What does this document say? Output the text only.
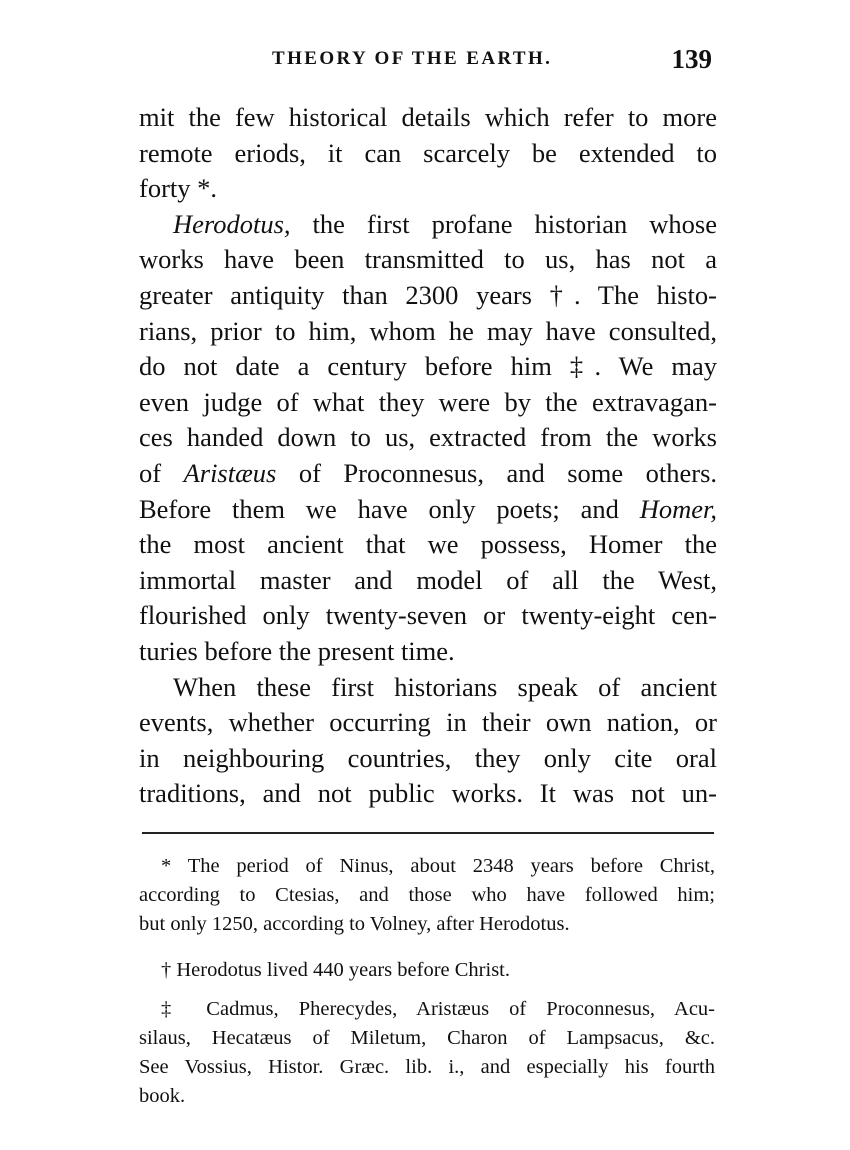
THEORY OF THE EARTH.	139
mit the few historical details which refer to more
remote eriods, it can scarcely be extended to
forty *.
Herodotus, the first profane historian whose
works have been transmitted to us, has not a
greater antiquity than 2300 years †. The histo-
rians, prior to him, whom he may have consulted,
do not date a century before him ‡. We may
even judge of what they were by the extravagan-
ces handed down to us, extracted from the works
of Aristæus of Proconnesus, and some others.
Before them we have only poets; and Homer,
the most ancient that we possess, Homer the
immortal master and model of all the West,
flourished only twenty-seven or twenty-eight cen-
turies before the present time.
When these first historians speak of ancient
events, whether occurring in their own nation, or
in neighbouring countries, they only cite oral
traditions, and not public works. It was not un-
* The period of Ninus, about 2348 years before Christ,
according to Ctesias, and those who have followed him;
but only 1250, according to Volney, after Herodotus.
† Herodotus lived 440 years before Christ.
‡ Cadmus, Pherecydes, Aristæus of Proconnesus, Acu-
silaus, Hecatæus of Miletum, Charon of Lampsacus, &c.
See Vossius, Histor. Græc. lib. i., and especially his fourth
book.
